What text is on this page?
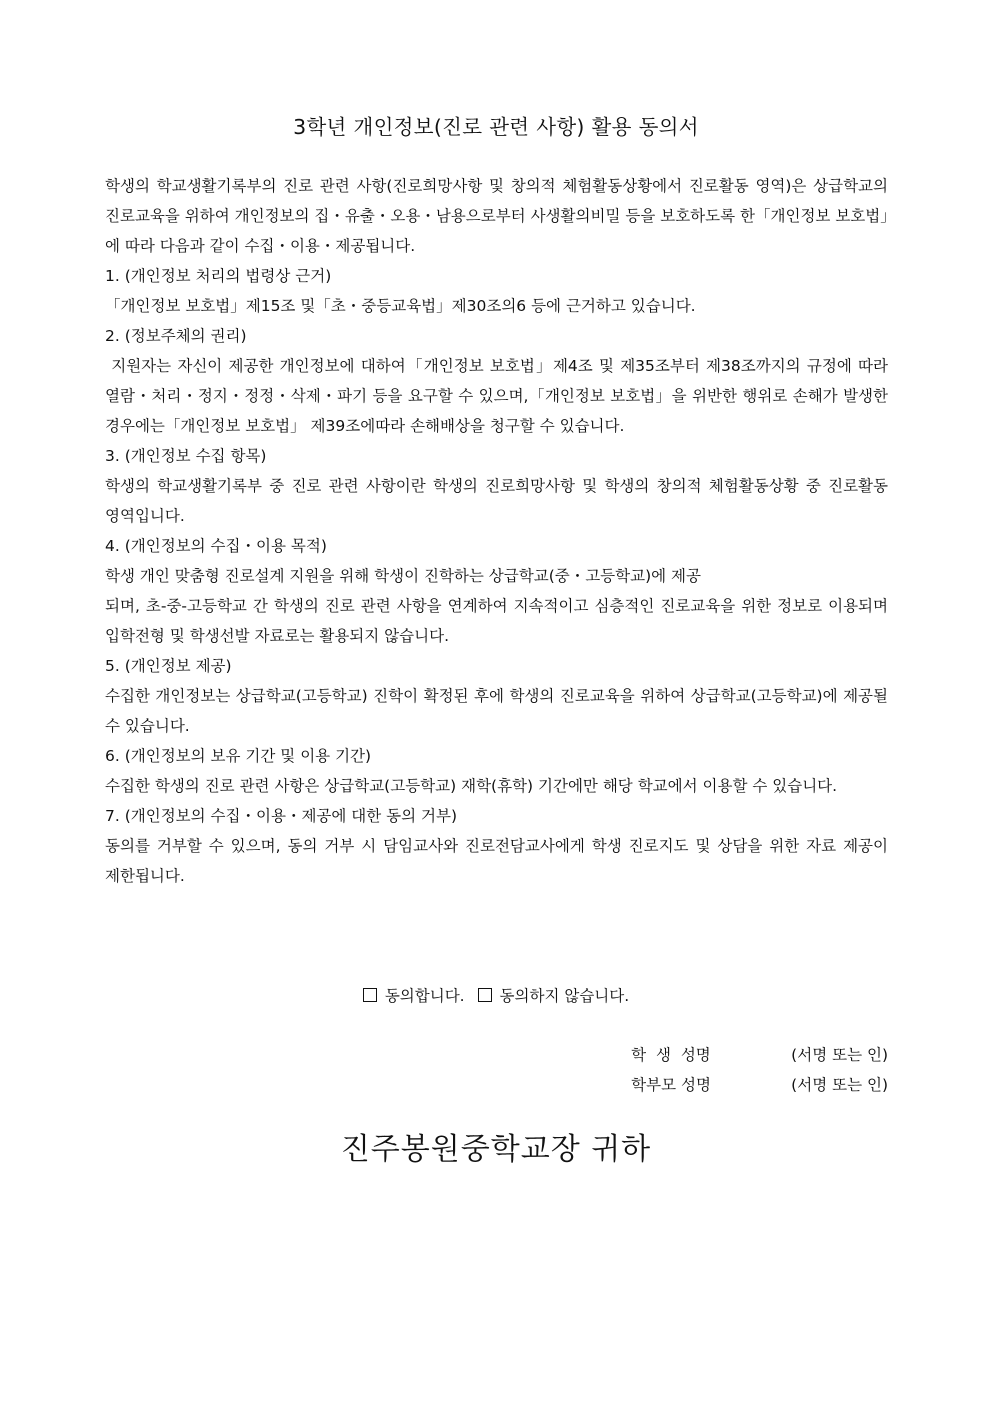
3학년 개인정보(진로 관련 사항) 활용 동의서

학생의 학교생활기록부의 진로 관련 사항(진로희망사항 및 창의적 체험활동상황에서 진로활동 영역)은 상급학교의 진로교육을 위하여 개인정보의 집・유출・오용・남용으로부터 사생활의비밀 등을 보호하도록 한「개인정보 보호법」에 따라 다음과 같이 수집・이용・제공됩니다.

1. (개인정보 처리의 법령상 근거)

「개인정보 보호법」제15조 및「초・중등교육법」제30조의6 등에 근거하고 있습니다.

2. (정보주체의 권리)

지원자는 자신이 제공한 개인정보에 대하여「개인정보 보호법」제4조 및 제35조부터 제38조까지의 규정에 따라 열람・처리・정지・정정・삭제・파기 등을 요구할 수 있으며,「개인정보 보호법」을 위반한 행위로 손해가 발생한 경우에는「개인정보 보호법」 제39조에따라 손해배상을 청구할 수 있습니다.

3. (개인정보 수집 항목)

학생의 학교생활기록부 중 진로 관련 사항이란 학생의 진로희망사항 및 학생의 창의적 체험활동상황 중 진로활동 영역입니다.

4. (개인정보의 수집・이용 목적)

학생 개인 맞춤형 진로설계 지원을 위해 학생이 진학하는 상급학교(중・고등학교)에 제공

되며, 초-중-고등학교 간 학생의 진로 관련 사항을 연계하여 지속적이고 심층적인 진로교육을 위한 정보로 이용되며 입학전형 및 학생선발 자료로는 활용되지 않습니다.

5. (개인정보 제공)

수집한 개인정보는 상급학교(고등학교) 진학이 확정된 후에 학생의 진로교육을 위하여 상급학교(고등학교)에 제공될 수 있습니다.

6. (개인정보의 보유 기간 및 이용 기간)

수집한 학생의 진로 관련 사항은 상급학교(고등학교) 재학(휴학) 기간에만 해당 학교에서 이용할 수 있습니다.

7. (개인정보의 수집・이용・제공에 대한 동의 거부)

동의를 거부할 수 있으며, 동의 거부 시 담임교사와 진로전담교사에게 학생 진로지도 및 상담을 위한 자료 제공이 제한됩니다.

동의합니다. 동의하지 않습니다.
학  생  성명	(서명 또는 인)
학부모 성명	(서명 또는 인)
진주봉원중학교장 귀하
